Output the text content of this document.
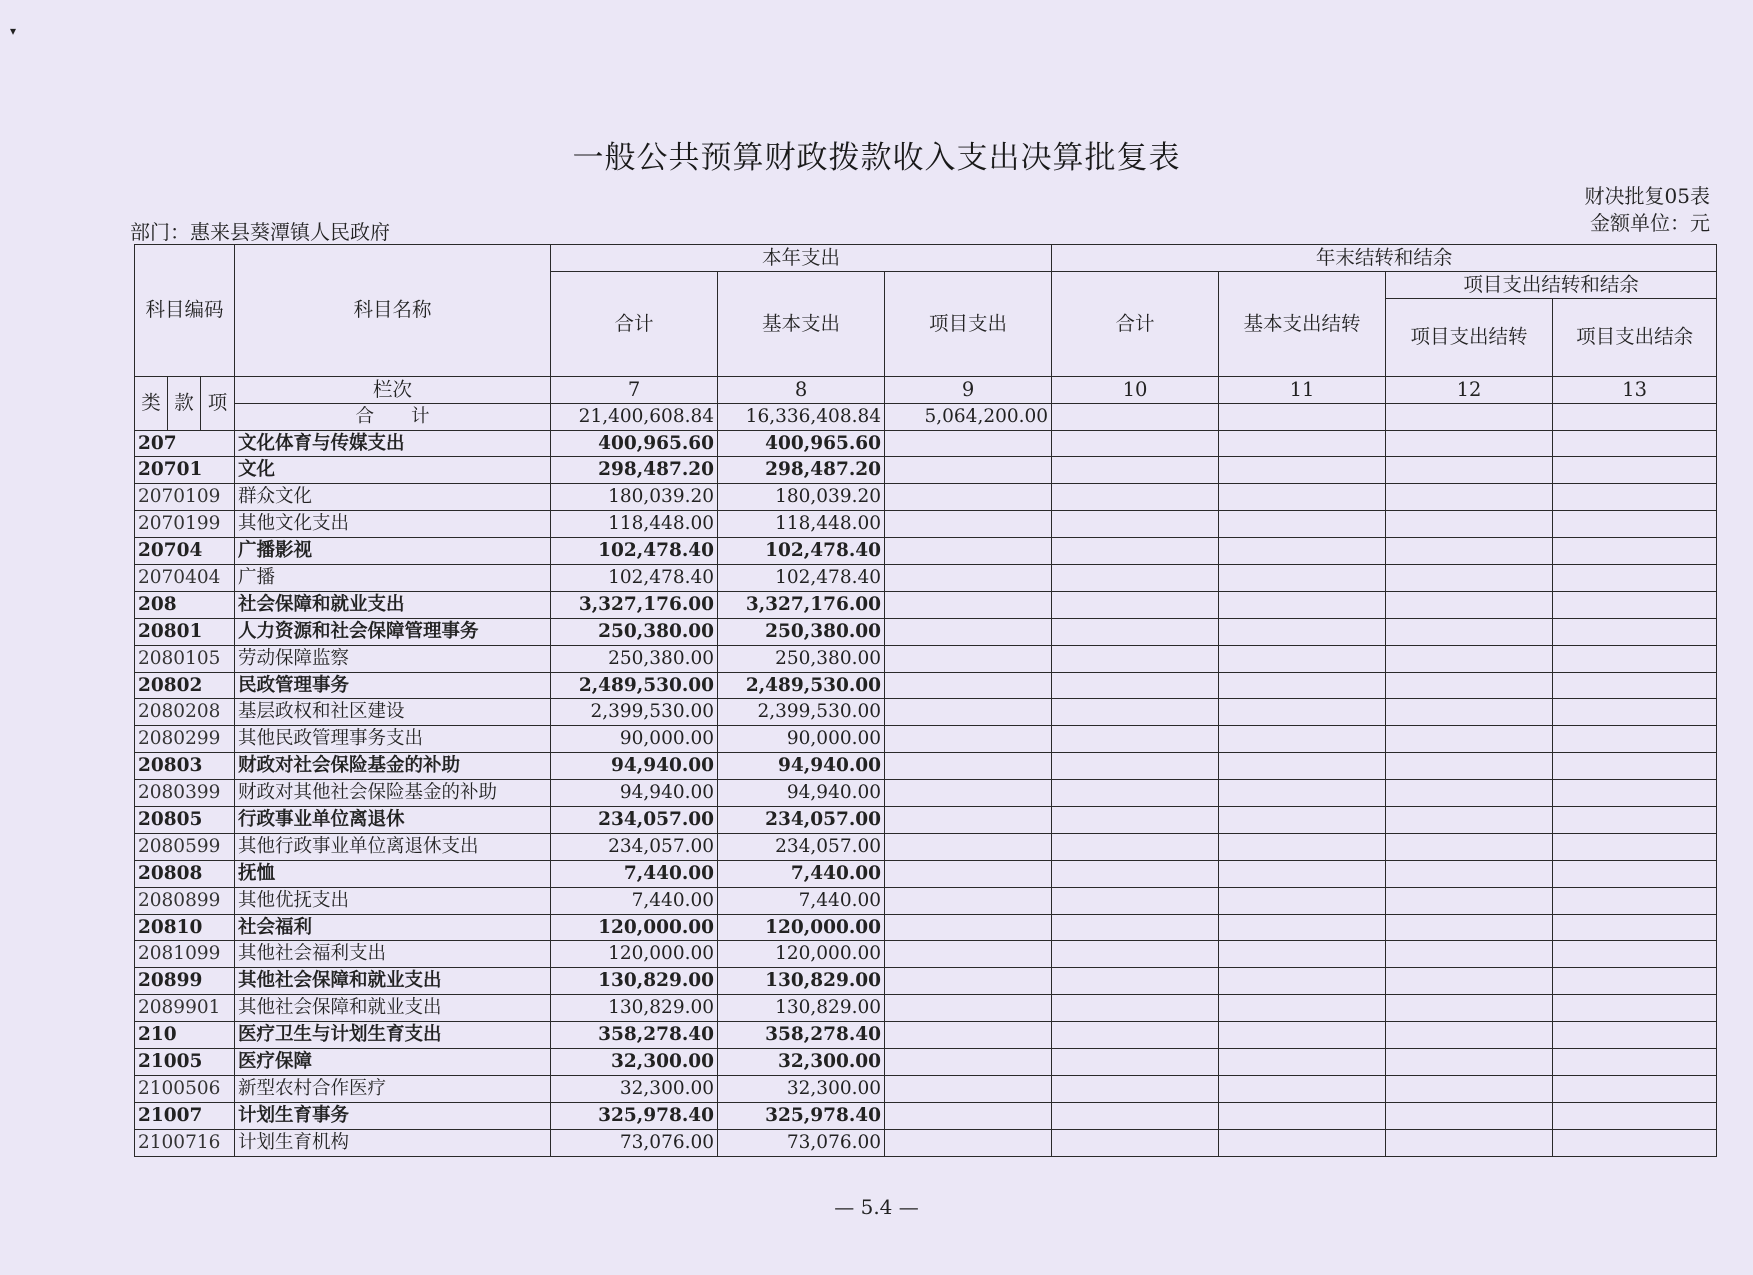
▾
一般公共预算财政拨款收入支出决算批复表
财决批复05表
金额单位：元
部门：惠来县葵潭镇人民政府
科目编码			科目名称	本年支出			年末结转和结余			
				合计	基本支出	项目支出	合计	基本支出结转	项目支出结转和结余	
									项目支出结转	项目支出结余
类	款	项	栏次	7	8	9	10	11	12	13
			合　　计	21,400,608.84	16,336,408.84	5,064,200.00				
207			文化体育与传媒支出	400,965.60	400,965.60					
20701			文化	298,487.20	298,487.20					
2070109			群众文化	180,039.20	180,039.20					
2070199			其他文化支出	118,448.00	118,448.00					
20704			广播影视	102,478.40	102,478.40					
2070404			广播	102,478.40	102,478.40					
208			社会保障和就业支出	3,327,176.00	3,327,176.00					
20801			人力资源和社会保障管理事务	250,380.00	250,380.00					
2080105			劳动保障监察	250,380.00	250,380.00					
20802			民政管理事务	2,489,530.00	2,489,530.00					
2080208			基层政权和社区建设	2,399,530.00	2,399,530.00					
2080299			其他民政管理事务支出	90,000.00	90,000.00					
20803			财政对社会保险基金的补助	94,940.00	94,940.00					
2080399			财政对其他社会保险基金的补助	94,940.00	94,940.00					
20805			行政事业单位离退休	234,057.00	234,057.00					
2080599			其他行政事业单位离退休支出	234,057.00	234,057.00					
20808			抚恤	7,440.00	7,440.00					
2080899			其他优抚支出	7,440.00	7,440.00					
20810			社会福利	120,000.00	120,000.00					
2081099			其他社会福利支出	120,000.00	120,000.00					
20899			其他社会保障和就业支出	130,829.00	130,829.00					
2089901			其他社会保障和就业支出	130,829.00	130,829.00					
210			医疗卫生与计划生育支出	358,278.40	358,278.40					
21005			医疗保障	32,300.00	32,300.00					
2100506			新型农村合作医疗	32,300.00	32,300.00					
21007			计划生育事务	325,978.40	325,978.40					
2100716			计划生育机构	73,076.00	73,076.00					
— 5.4 —
